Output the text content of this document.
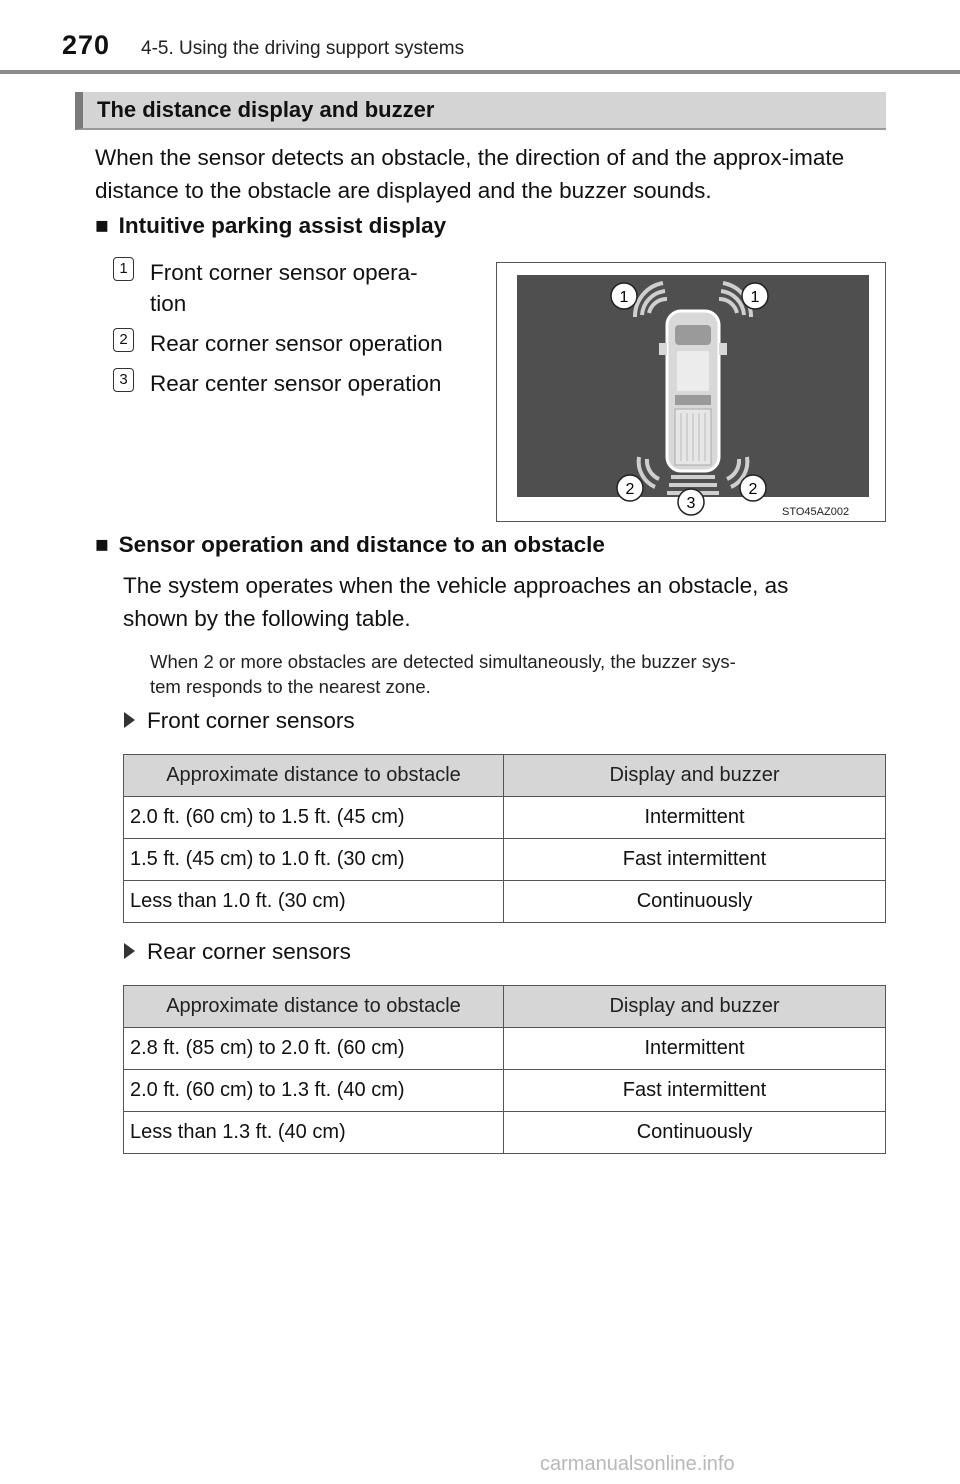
270 4-5. Using the driving support systems
The distance display and buzzer
When the sensor detects an obstacle, the direction of and the approx-imate distance to the obstacle are displayed and the buzzer sounds.
■ Intuitive parking assist display
1 Front corner sensor opera-
tion
2 Rear corner sensor operation
3 Rear center sensor operation
1	1
2	2
3	STO45AZ002
■ Sensor operation and distance to an obstacle
The system operates when the vehicle approaches an obstacle, as
shown by the following table.
When 2 or more obstacles are detected simultaneously, the buzzer sys-
tem responds to the nearest zone.
Front corner sensors
Approximate distance to obstacle	Display and buzzer
2.0 ft. (60 cm) to 1.5 ft. (45 cm)	Intermittent
1.5 ft. (45 cm) to 1.0 ft. (30 cm)	Fast intermittent
Less than 1.0 ft. (30 cm)	Continuously
Rear corner sensors
Approximate distance to obstacle	Display and buzzer
2.8 ft. (85 cm) to 2.0 ft. (60 cm)	Intermittent
2.0 ft. (60 cm) to 1.3 ft. (40 cm)	Fast intermittent
Less than 1.3 ft. (40 cm)	Continuously
carmanualsonline.info
